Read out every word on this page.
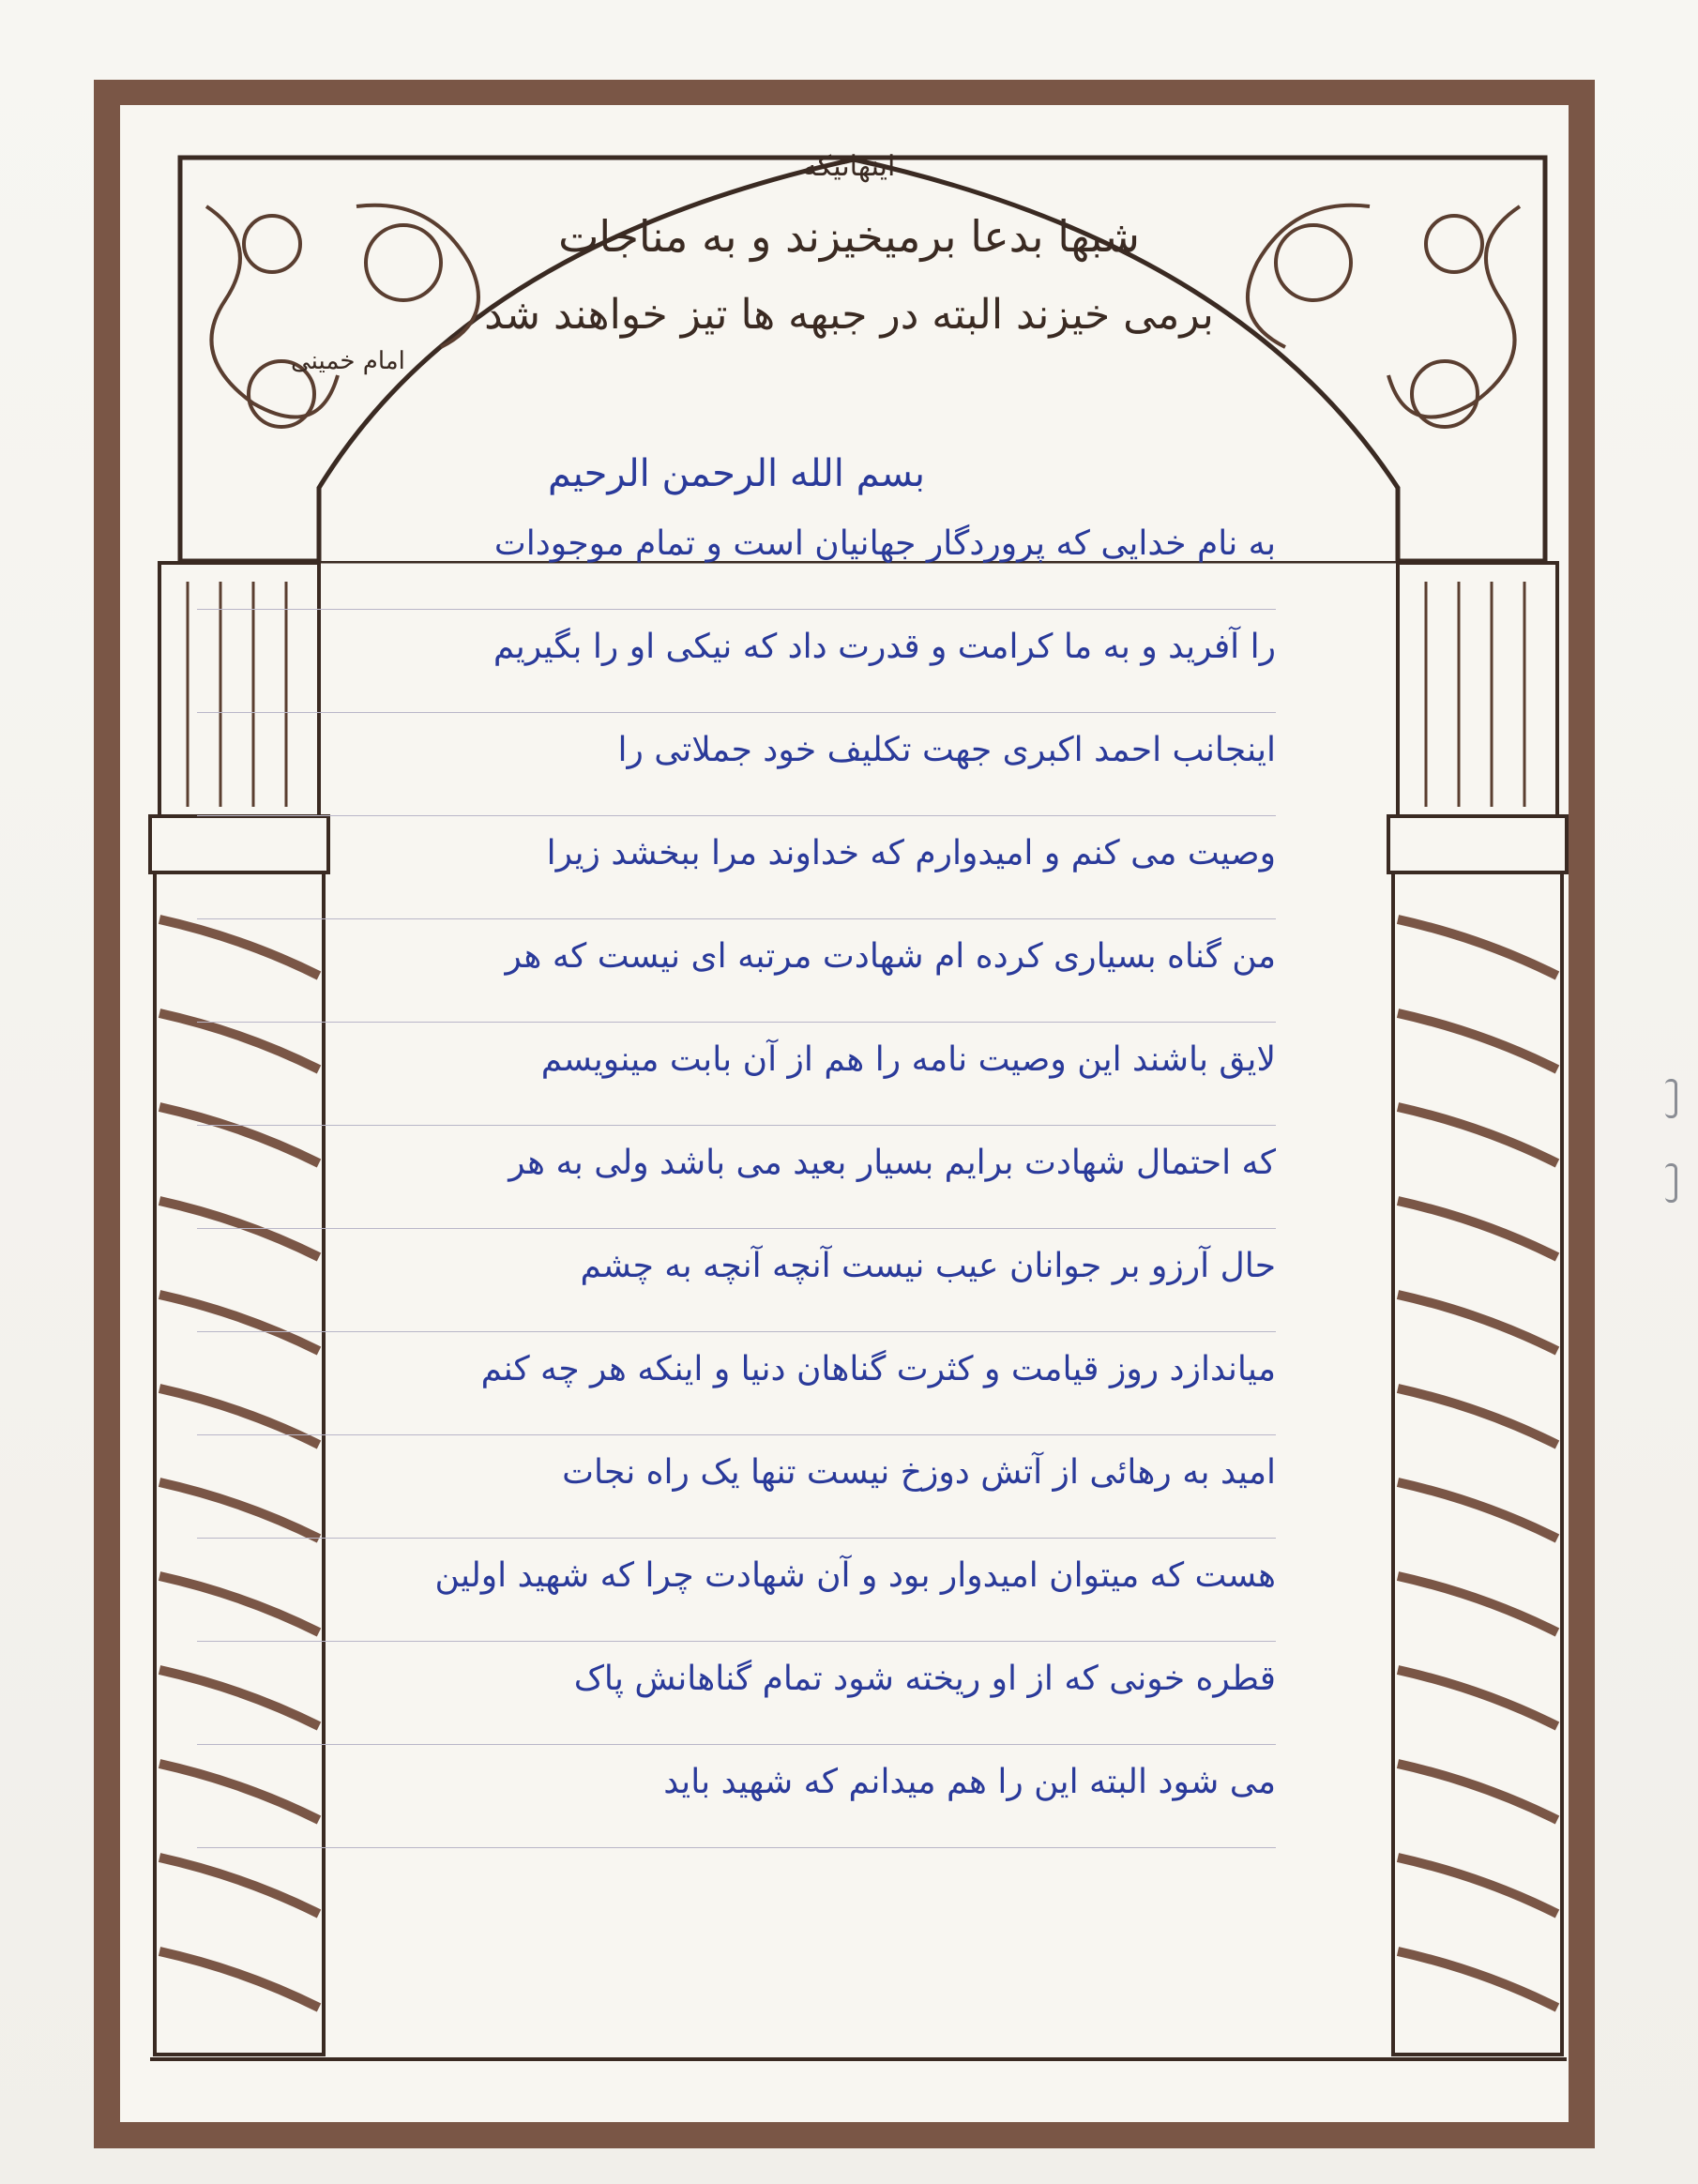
اینهائیکه
شبها بدعا برمیخیزند و به مناجات
برمی خیزند البته در جبهه ها تیز خواهند شد
امام خمینی
بسم الله الرحمن الرحیم
به نام خدایی که پروردگار جهانیان است و تمام موجودات
را آفرید و به ما کرامت و قدرت داد که نیکی او را بگیریم
اینجانب احمد اکبری جهت تکلیف خود جملاتی را
وصیت می کنم و امیدوارم که خداوند مرا ببخشد زیرا
من گناه بسیاری کرده ام شهادت مرتبه ای نیست که هر
لایق باشند این وصیت نامه را هم از آن بابت مینویسم
که احتمال شهادت برایم بسیار بعید می باشد ولی به هر
حال آرزو بر جوانان عیب نیست آنچه آنچه به چشم
میاندازد روز قیامت و کثرت گناهان دنیا و اینکه هر چه کنم
امید به رهائی از آتش دوزخ نیست تنها یک راه نجات
هست که میتوان امیدوار بود و آن شهادت چرا که شهید اولین
قطره خونی که از او ریخته شود تمام گناهانش پاک
می شود البته این را هم میدانم که شهید باید
